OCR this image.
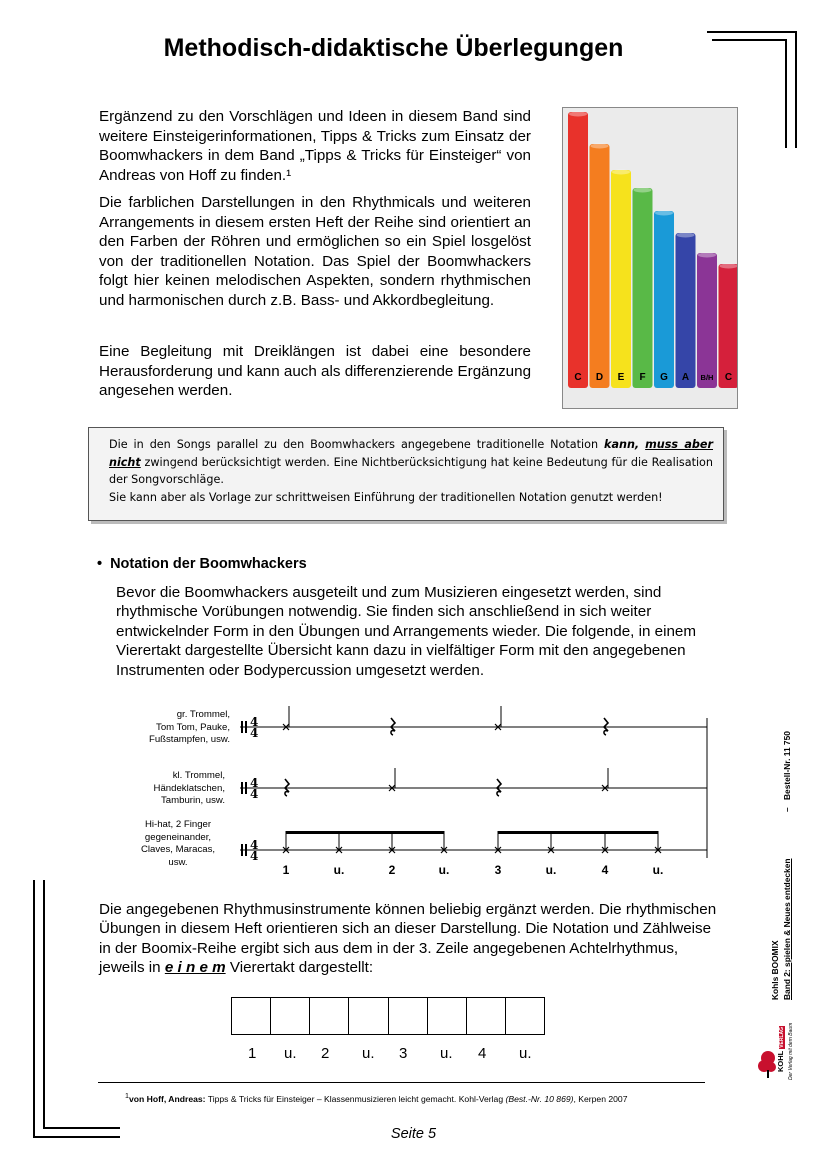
Methodisch-didaktische Überlegungen

Ergänzend zu den Vorschlägen und Ideen in diesem Band sind weitere Einsteigerinformationen, Tipps & Tricks zum Einsatz der Boomwhackers in dem Band „Tipps & Tricks für Einsteiger“ von Andreas von Hoff zu finden.¹

Die farblichen Darstellungen in den Rhythmicals und weiteren Arrangements in diesem ersten Heft der Reihe sind orientiert an den Farben der Röhren und ermöglichen so ein Spiel losgelöst von der traditionellen Notation. Das Spiel der Boomwhackers folgt hier keinen melodischen Aspekten, sondern rhythmischen und harmonischen durch z.B. Bass- und Akkordbegleitung.

Eine Begleitung mit Dreiklängen ist dabei eine besondere Herausforderung und kann auch als differenzierende Ergänzung angesehen werden.

C D E F G A B/H C

Die in den Songs parallel zu den Boomwhackers angegebene traditionelle Notation kann, muss aber nicht zwingend berücksichtigt werden. Eine Nichtberücksichtigung hat keine Bedeutung für die Realisation der Songvorschläge.

Sie kann aber als Vorlage zur schrittweisen Einführung der traditionellen Notation genutzt werden!

• Notation der Boomwhackers

Bevor die Boomwhackers ausgeteilt und zum Musizieren eingesetzt werden, sind rhythmische Vorübungen notwendig. Sie finden sich anschließend in sich weiter entwickelnder Form in den Übungen und Arrangements wieder. Die folgende, in einem Vierertakt dargestellte Übersicht kann dazu in vielfältiger Form mit den angegebenen Instrumenten oder Bodypercussion umgesetzt werden.

gr. Trommel,
Tom Tom, Pauke,
Fußstampfen, usw.
kl. Trommel,
Händeklatschen,
Tamburin, usw.
Hi-hat, 2 Finger
gegeneinander,
Claves, Maracas,
usw.
4
4
4
4
4
4
1	u.	2	u.	3	u.	4	u.

Die angegebenen Rhythmusinstrumente können beliebig ergänzt werden. Die rhythmischen Übungen in diesem Heft orientieren sich an dieser Darstellung. Die Notation und Zählweise in der Boomix-Reihe ergibt sich aus dem in der 3. Zeile angegebenen Achtelrhythmus, jeweils in e i n e m Vierertakt dargestellt:

1 u. 2 u. 3 u. 4 u.
$^1$von Hoff, Andreas: Tipps & Tricks für Einsteiger – Klassenmusizieren leicht gemacht. Kohl-Verlag (Best.-Nr. 10 869), Kerpen 2007
Seite 5
Kohls BOOMIX Band 2: spielen & Neues entdecken
–
Bestell-Nr. 11 750
KOHL VERLAG Der Verlag mit dem Baum
